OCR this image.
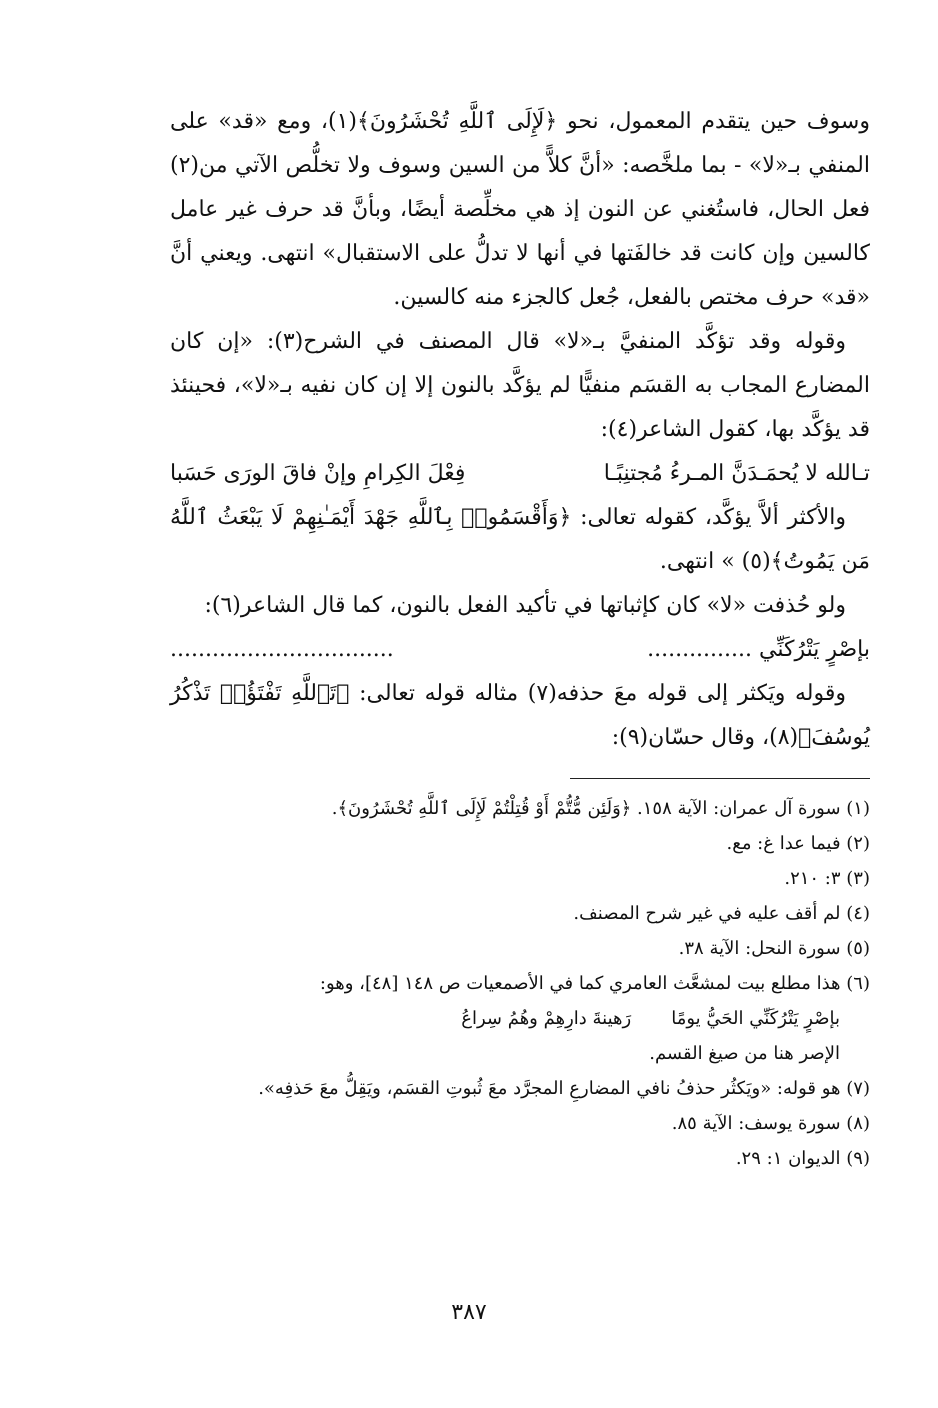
وسوف حين يتقدم المعمول، نحو ﴿لَإِلَى ٱللَّهِ تُحْشَرُونَ﴾(١)، ومع «قد» على المنفي بـ«لا» - بما ملخَّصه: «أنَّ كلاًّ من السين وسوف ولا تخلُّص الآتي من(٢) فعل الحال، فاستُغني عن النون إذ هي مخلِّصة أيضًا، وبأنَّ قد حرف غير عامل كالسين وإن كانت قد خالفَتها في أنها لا تدلُّ على الاستقبال» انتهى. ويعني أنَّ «قد» حرف مختص بالفعل، جُعل كالجزء منه كالسين.

وقوله وقد تؤكَّد المنفيَّ بـ«لا» قال المصنف في الشرح(٣): «إن كان المضارع المجاب به القسَم منفيًّا لم يؤكَّد بالنون إلا إن كان نفيه بـ«لا»، فحينئذ قد يؤكَّد بها، كقول الشاعر(٤):

تـالله لا يُحمَـدَنَّ المـرءُ مُجتنِبًـا
فِعْلَ الكِرامِ وإنْ فاقَ الورَى حَسَبا

والأكثر ألاَّ يؤكَّد، كقوله تعالى: ﴿وَأَقْسَمُوا۟ بِٱللَّهِ جَهْدَ أَيْمَـٰنِهِمْ لَا يَبْعَثُ ٱللَّهُ مَن يَمُوتُ﴾(٥) » انتهى.

ولو حُذفت «لا» كان كإثباتها في تأكيد الفعل بالنون، كما قال الشاعر(٦):

بإصْرٍ يَتْرُكَنِّي ...............
................................

وقوله ويَكثر إلى قوله معَ حذفه(٧) مثاله قوله تعالى: ﴿تَٱللَّهِ تَفْتَؤُا۟ تَذْكُرُ يُوسُفَ﴾(٨)، وقال حسّان(٩):

(١) سورة آل عمران: الآية ١٥٨. ﴿وَلَئِن مُّتُّمْ أَوْ قُتِلْتُمْ لَإِلَى ٱللَّهِ تُحْشَرُونَ﴾.

(٢) فيما عدا غ: مع.

(٣) ٣: ٢١٠.

(٤) لم أقف عليه في غير شرح المصنف.

(٥) سورة النحل: الآية ٣٨.

(٦) هذا مطلع بيت لمشعَّث العامري كما في الأصمعيات ص ١٤٨ [٤٨]، وهو:

بإصْرٍ يَتْرُكَنِّي الحَيُّ يومًا
رَهينةَ دارِهِمْ وهُمُ سِراعُ

الإصر هنا من صيغ القسم.

(٧) هو قوله: «ويَكثُر حذفُ نافي المضارعِ المجرَّد معَ ثُبوتِ القسَم، ويَقِلُّ معَ حَذفِه».

(٨) سورة يوسف: الآية ٨٥.

(٩) الديوان ١: ٢٩.

٣٨٧
